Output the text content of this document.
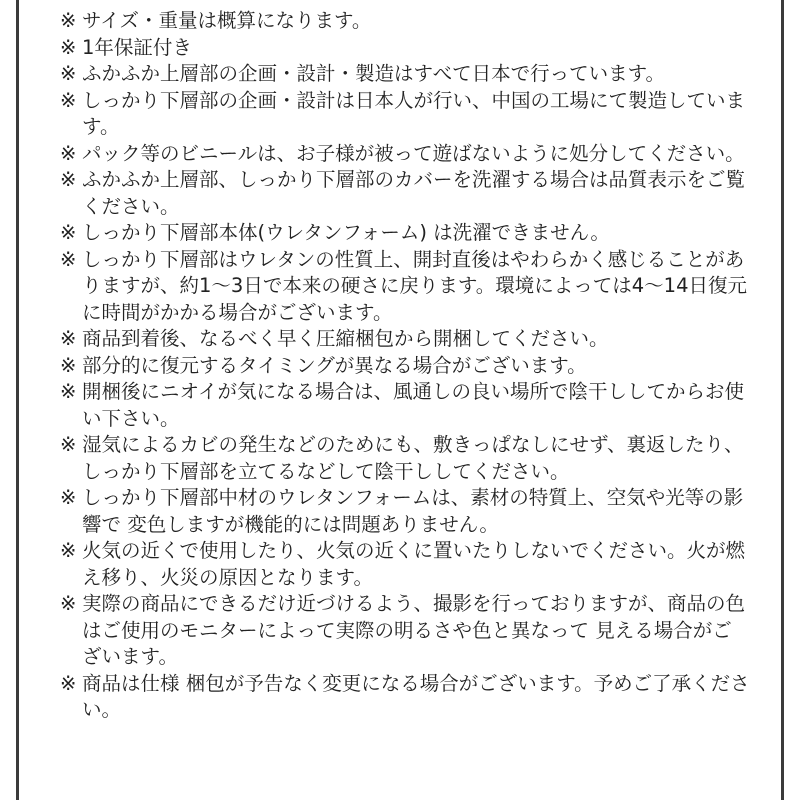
※ サイズ・重量は概算になります。
※ 1年保証付き
※ ふかふか上層部の企画・設計・製造はすべて日本で行っています。
※ しっかり下層部の企画・設計は日本人が行い、中国の工場にて製造しています。
※ パック等のビニールは、お子様が被って遊ばないように処分してください。
※ ふかふか上層部、しっかり下層部のカバーを洗濯する場合は品質表示をご覧ください。
※ しっかり下層部本体(ウレタンフォーム) は洗濯できません。
※ しっかり下層部はウレタンの性質上、開封直後はやわらかく感じることがありますが、約1～3日で本来の硬さに戻ります。環境によっては4～14日復元に時間がかかる場合がございます。
※ 商品到着後、なるべく早く圧縮梱包から開梱してください。
※ 部分的に復元するタイミングが異なる場合がございます。
※ 開梱後にニオイが気になる場合は、風通しの良い場所で陰干ししてからお使い下さい。
※ 湿気によるカビの発生などのためにも、敷きっぱなしにせず、裏返したり、しっかり下層部を立てるなどして陰干ししてください。
※ しっかり下層部中材のウレタンフォームは、素材の特質上、空気や光等の影響で 変色しますが機能的には問題ありません。
※ 火気の近くで使用したり、火気の近くに置いたりしないでください。火が燃え移り、火災の原因となります。
※ 実際の商品にできるだけ近づけるよう、撮影を行っておりますが、商品の色はご使用のモニターによって実際の明るさや色と異なって 見える場合がございます。
※ 商品は仕様 梱包が予告なく変更になる場合がございます。予めご了承ください。
